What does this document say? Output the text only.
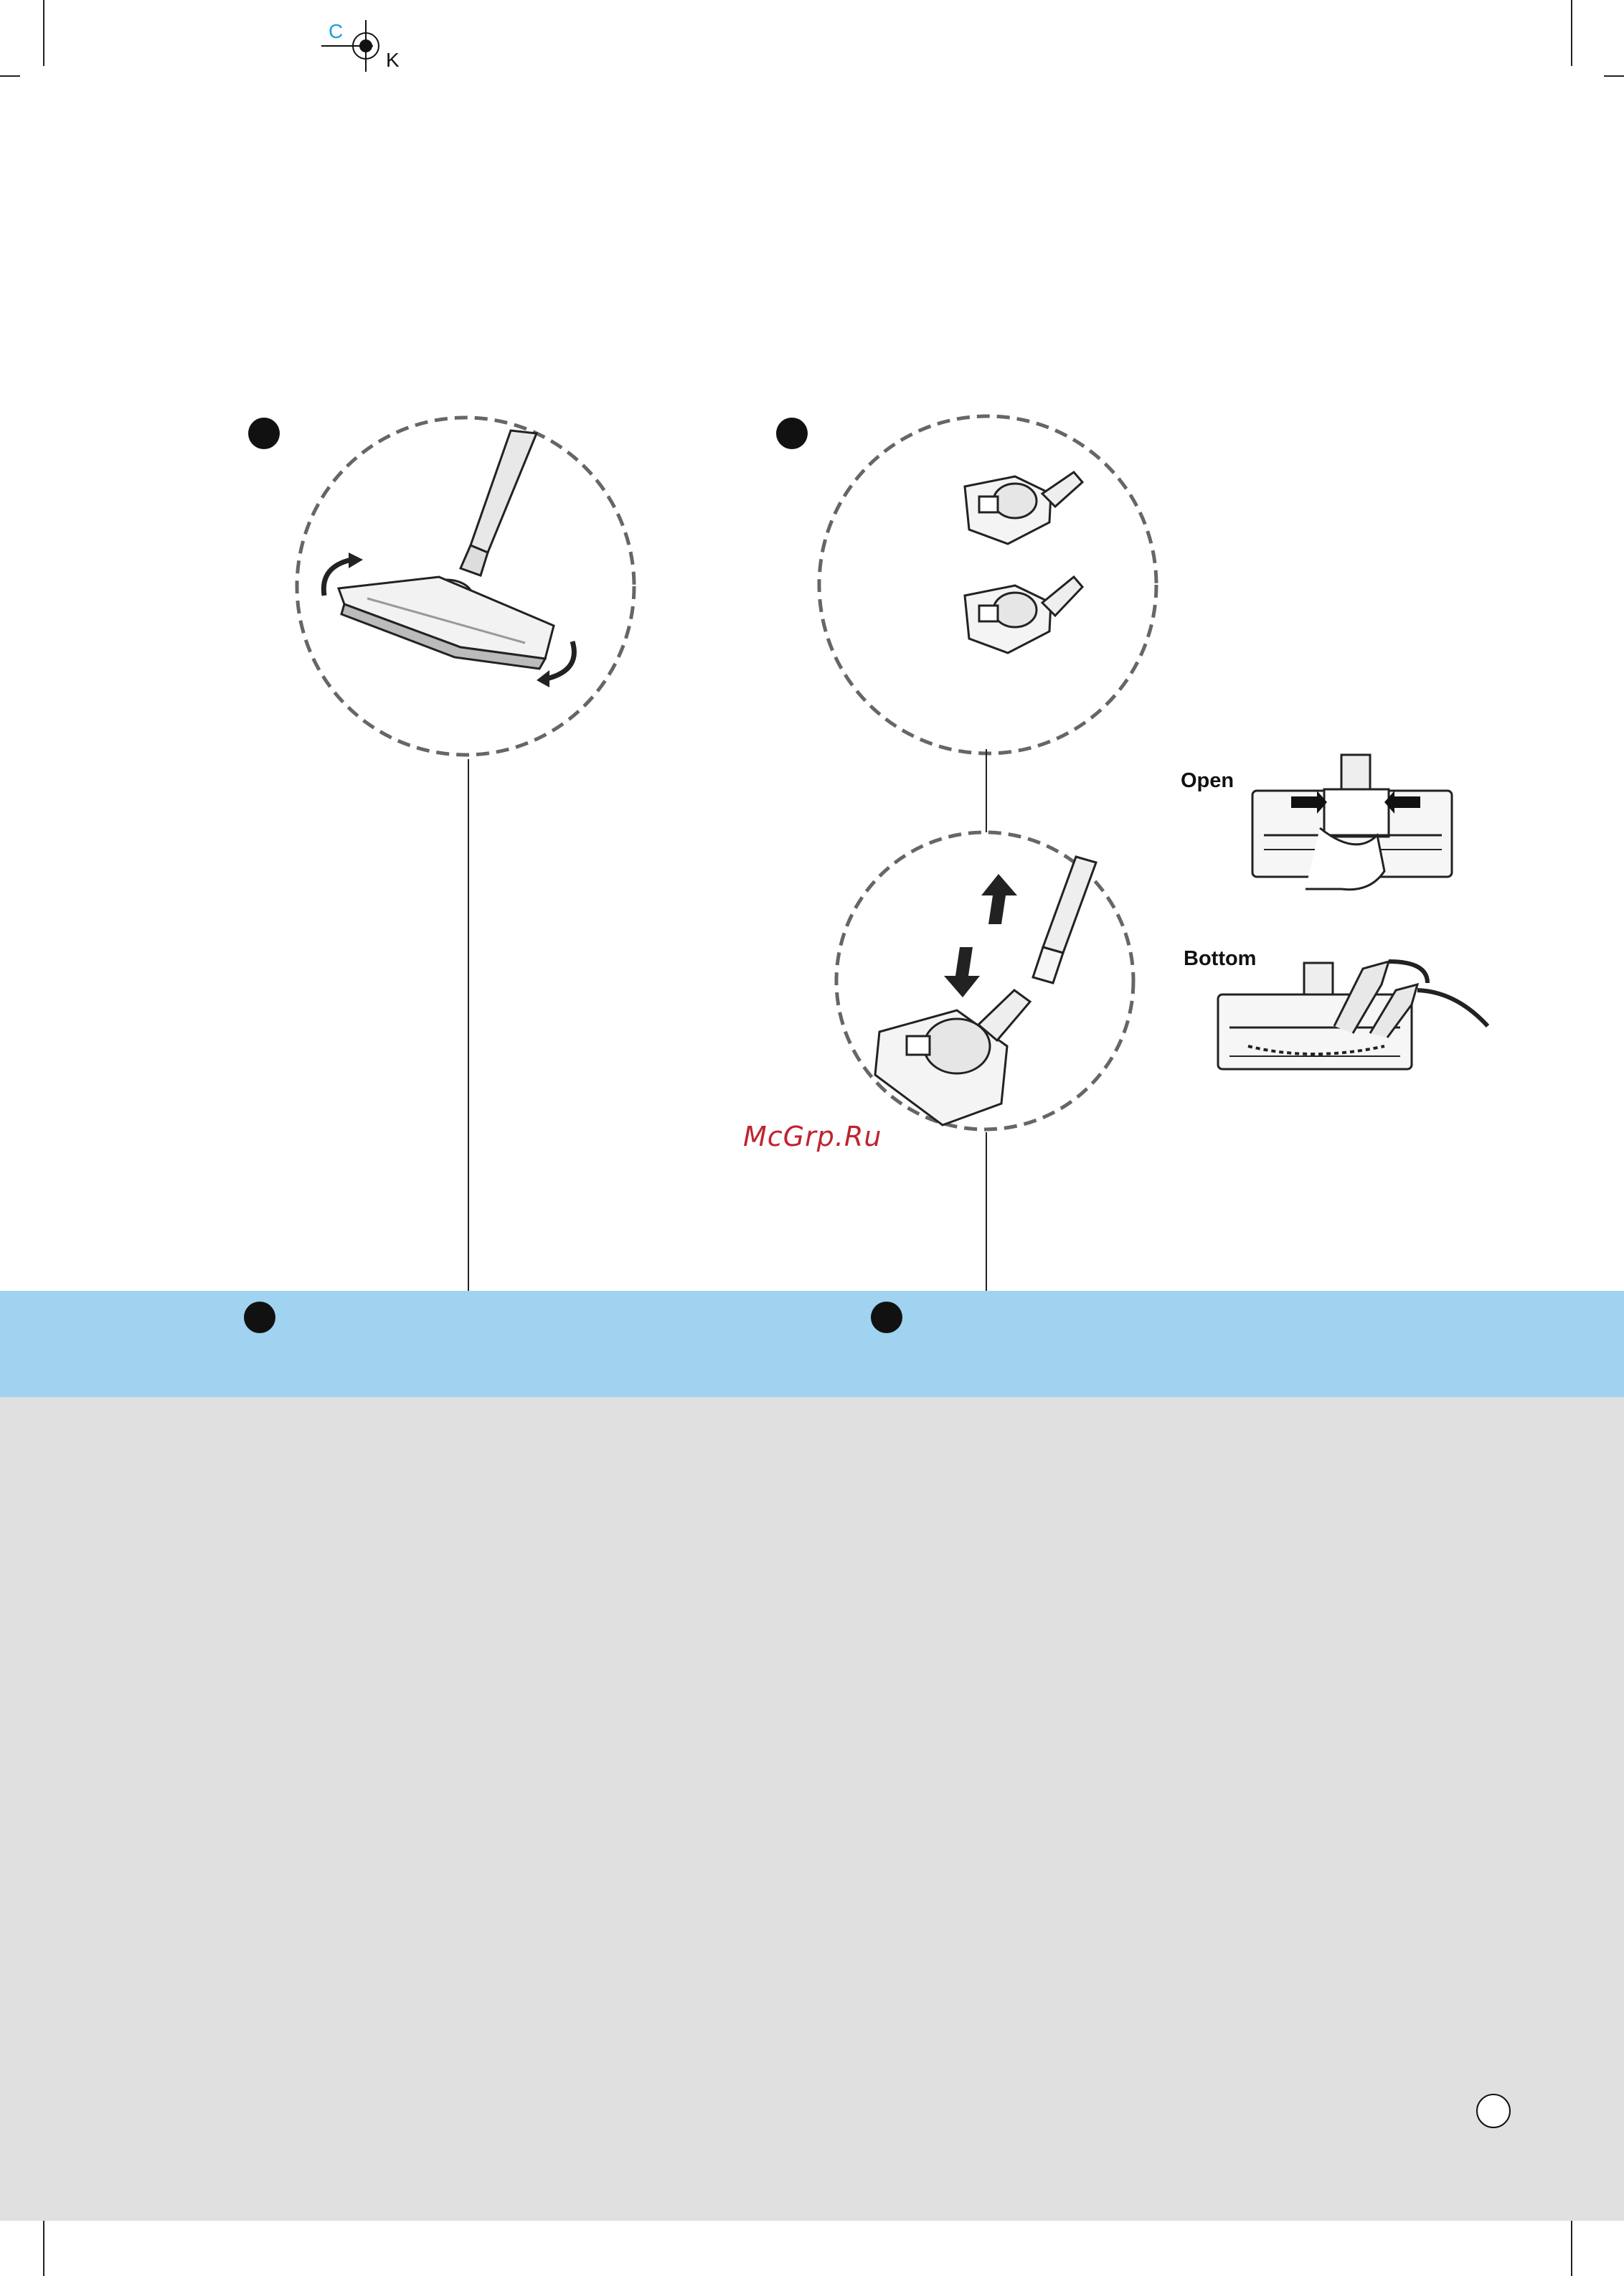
C
K
Open
Bottom
McGrp.Ru
